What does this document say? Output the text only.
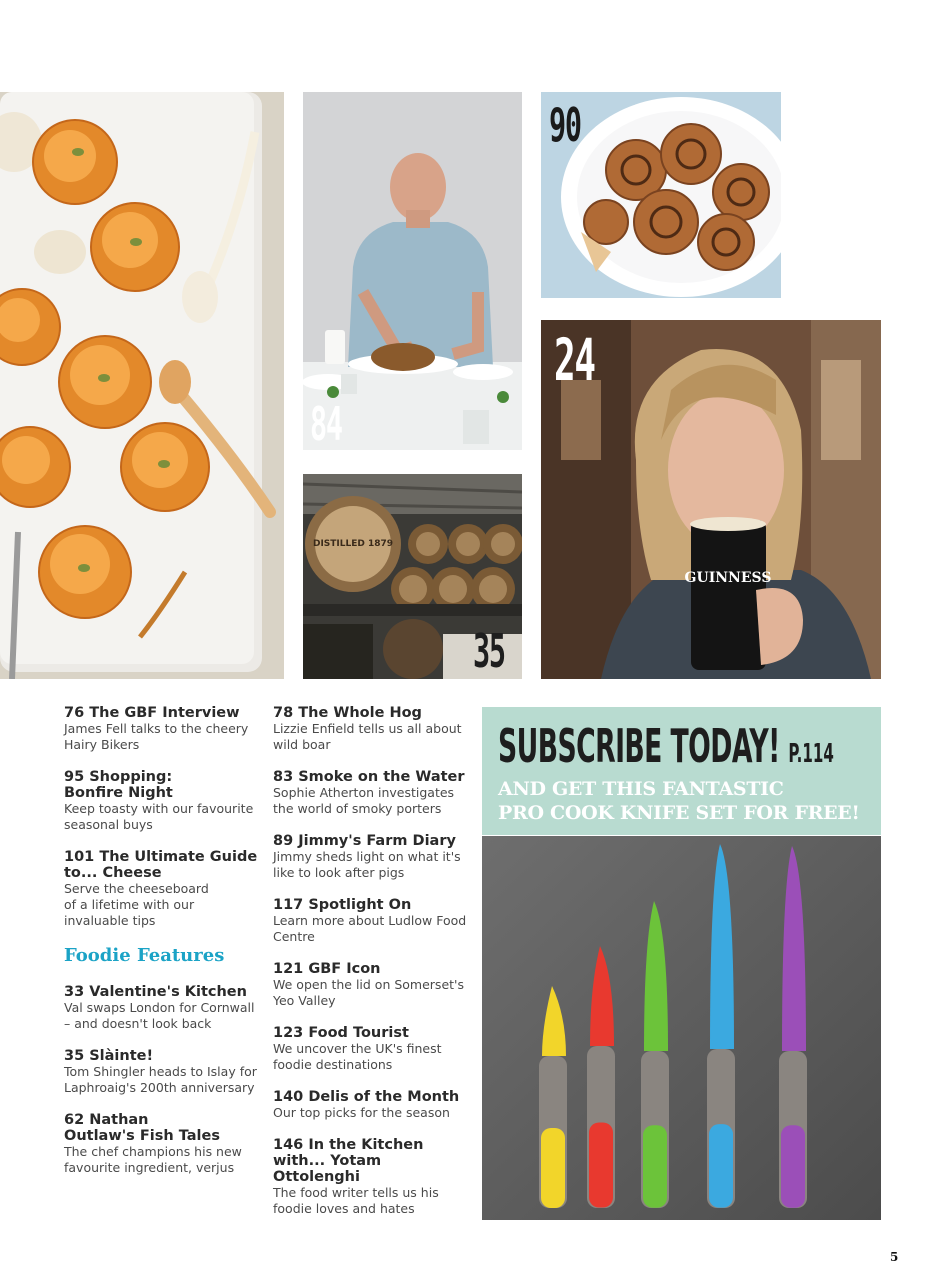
84
90
GUINNESS
24
DISTILLED 1879
35
76 The GBF Interview
James Fell talks to the cheery Hairy Bikers
95 Shopping: Bonfire Night
Keep toasty with our favourite seasonal buys
101 The Ultimate Guide to... Cheese
Serve the cheeseboard of a lifetime with our invaluable tips
Foodie Features
33 Valentine's Kitchen
Val swaps London for Cornwall – and doesn't look back
35 Slàinte!
Tom Shingler heads to Islay for Laphroaig's 200th anniversary
62 Nathan Outlaw's Fish Tales
The chef champions his new favourite ingredient, verjus
78 The Whole Hog
Lizzie Enfield tells us all about wild boar
83 Smoke on the Water
Sophie Atherton investigates the world of smoky porters
89 Jimmy's Farm Diary
Jimmy sheds light on what it's like to look after pigs
117 Spotlight On
Learn more about Ludlow Food Centre
121 GBF Icon
We open the lid on Somerset's Yeo Valley
123 Food Tourist
We uncover the UK's finest foodie destinations
140 Delis of the Month
Our top picks for the season
146 In the Kitchen with... Yotam Ottolenghi
The food writer tells us his foodie loves and hates
SUBSCRIBE TODAY! P.114
AND GET THIS FANTASTIC
PRO COOK KNIFE SET FOR FREE!
5
